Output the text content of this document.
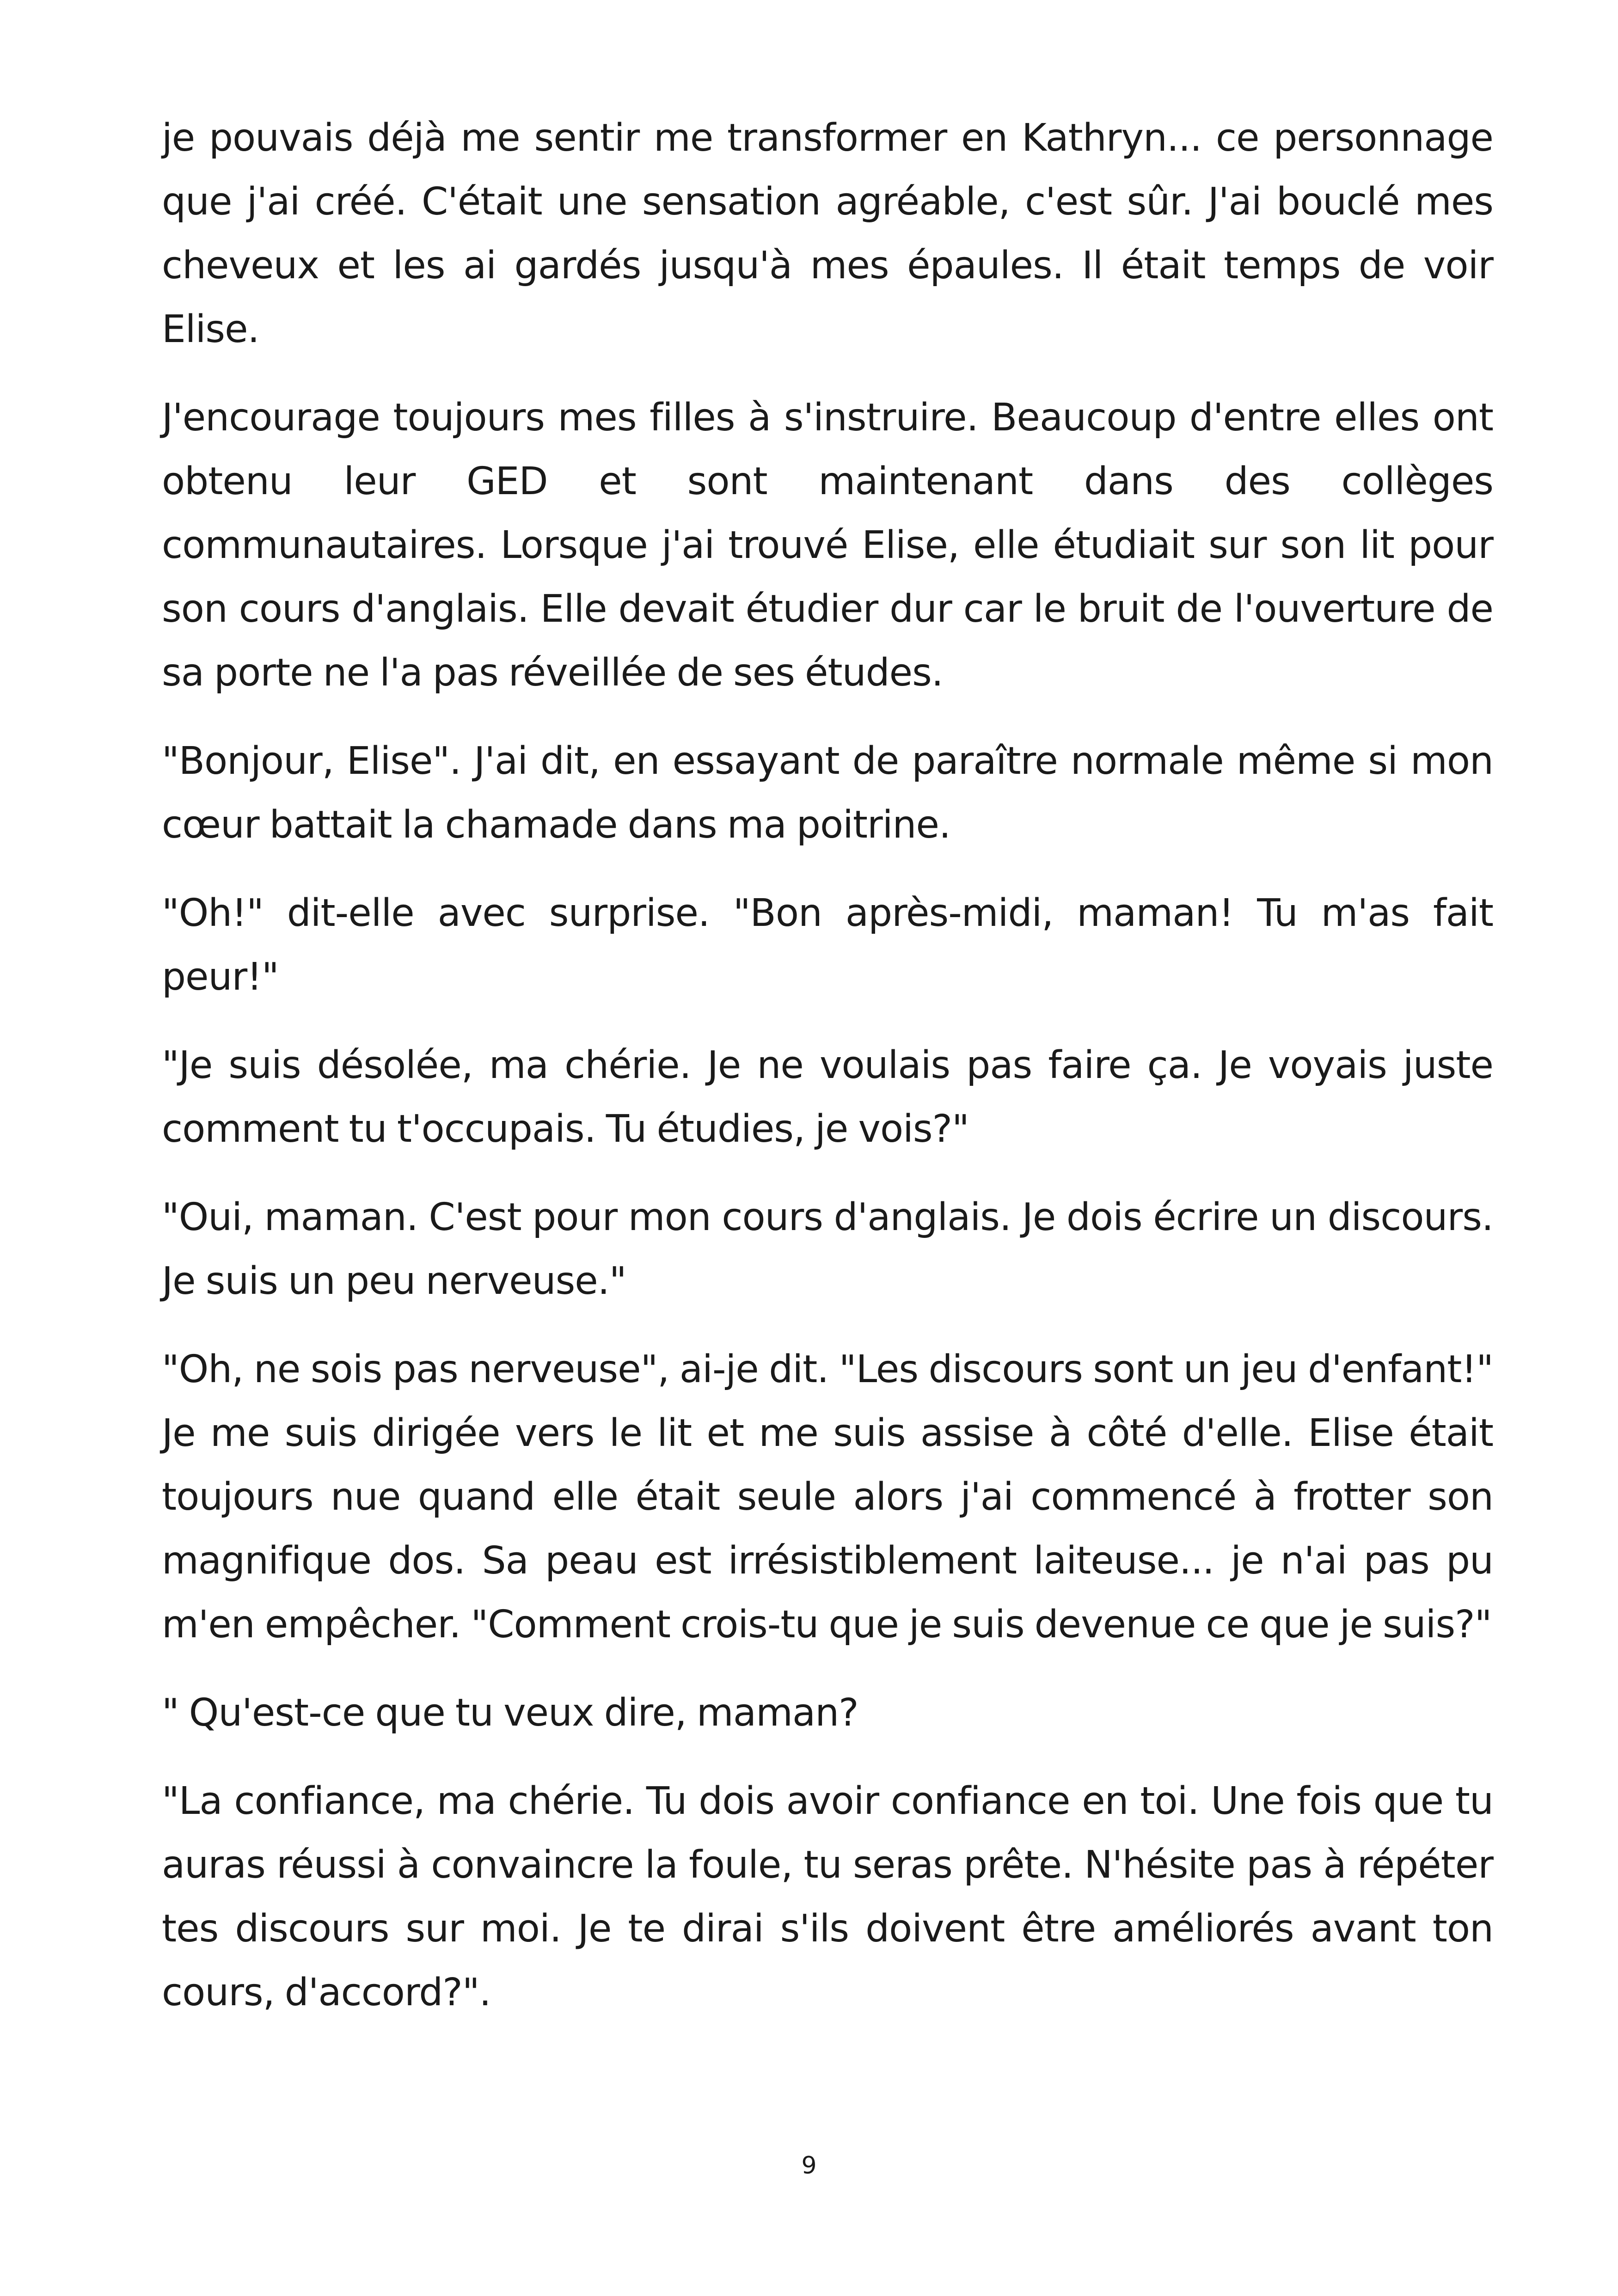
je pouvais déjà me sentir me transformer en Kathryn... ce personnage que j'ai créé. C'était une sensation agréable, c'est sûr. J'ai bouclé mes cheveux et les ai gardés jusqu'à mes épaules. Il était temps de voir Elise.

J'encourage toujours mes filles à s'instruire. Beaucoup d'entre elles ont obtenu leur GED et sont maintenant dans des collèges communautaires. Lorsque j'ai trouvé Elise, elle étudiait sur son lit pour son cours d'anglais. Elle devait étudier dur car le bruit de l'ouverture de sa porte ne l'a pas réveillée de ses études.

"Bonjour, Elise". J'ai dit, en essayant de paraître normale même si mon cœur battait la chamade dans ma poitrine.

"Oh!" dit-elle avec surprise. "Bon après-midi, maman! Tu m'as fait peur!"

"Je suis désolée, ma chérie. Je ne voulais pas faire ça. Je voyais juste comment tu t'occupais. Tu étudies, je vois?"

"Oui, maman. C'est pour mon cours d'anglais. Je dois écrire un discours. Je suis un peu nerveuse."

"Oh, ne sois pas nerveuse", ai-je dit. "Les discours sont un jeu d'enfant!" Je me suis dirigée vers le lit et me suis assise à côté d'elle. Elise était toujours nue quand elle était seule alors j'ai commencé à frotter son magnifique dos. Sa peau est irrésistiblement laiteuse... je n'ai pas pu m'en empêcher. "Comment crois-tu que je suis devenue ce que je suis?"

" Qu'est-ce que tu veux dire, maman?

"La confiance, ma chérie. Tu dois avoir confiance en toi. Une fois que tu auras réussi à convaincre la foule, tu seras prête. N'hésite pas à répéter tes discours sur moi. Je te dirai s'ils doivent être améliorés avant ton cours, d'accord?".

9
